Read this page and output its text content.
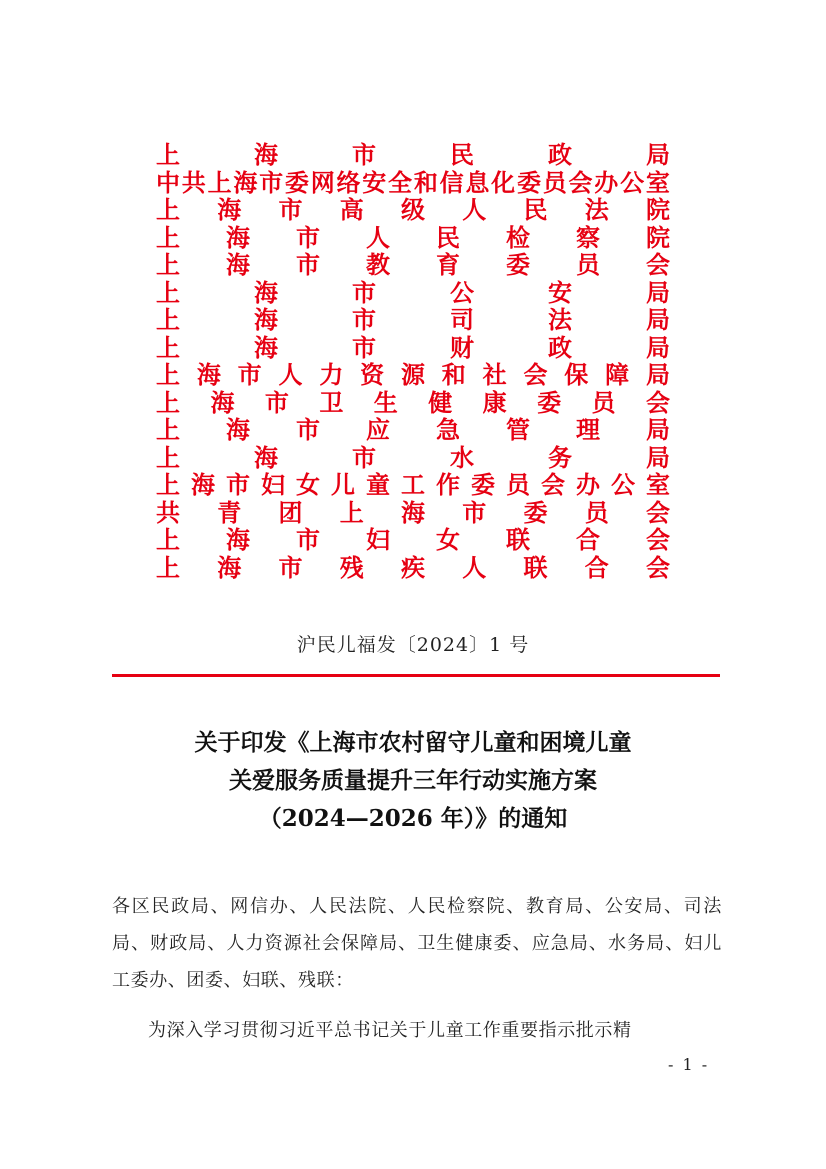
上	海	市	民	政	局
中 共 上 海 市 委 网 络 安 全 和 信 息 化 委 员 会 办 公 室
上 海 市 高 级 人 民 法 院
上 海 市 人 民 检 察 院
上 海 市 教 育 委 员 会
上	海	市	公	安	局
上	海	市	司	法	局
上	海	市	财	政	局
上 海 市 人 力 资 源 和 社 会 保 障 局
上 海 市 卫 生 健 康 委 员 会
上 海 市 应 急 管 理 局
上	海	市	水	务	局
上 海 市 妇 女 儿 童 工 作 委 员 会 办 公 室
共 青 团 上 海 市 委 员 会
上 海 市 妇 女 联 合 会
上 海 市 残 疾 人 联 合 会
沪民儿福发〔2024〕1 号
关于印发《上海市农村留守儿童和困境儿童
关爱服务质量提升三年行动实施方案
（2024—2026 年）》的通知
各区民政局、网信办、人民法院、人民检察院、教育局、公安局、司法局、财政局、人力资源社会保障局、卫生健康委、应急局、水务局、妇儿工委办、团委、妇联、残联：
为深入学习贯彻习近平总书记关于儿童工作重要指示批示精
- 1 -
